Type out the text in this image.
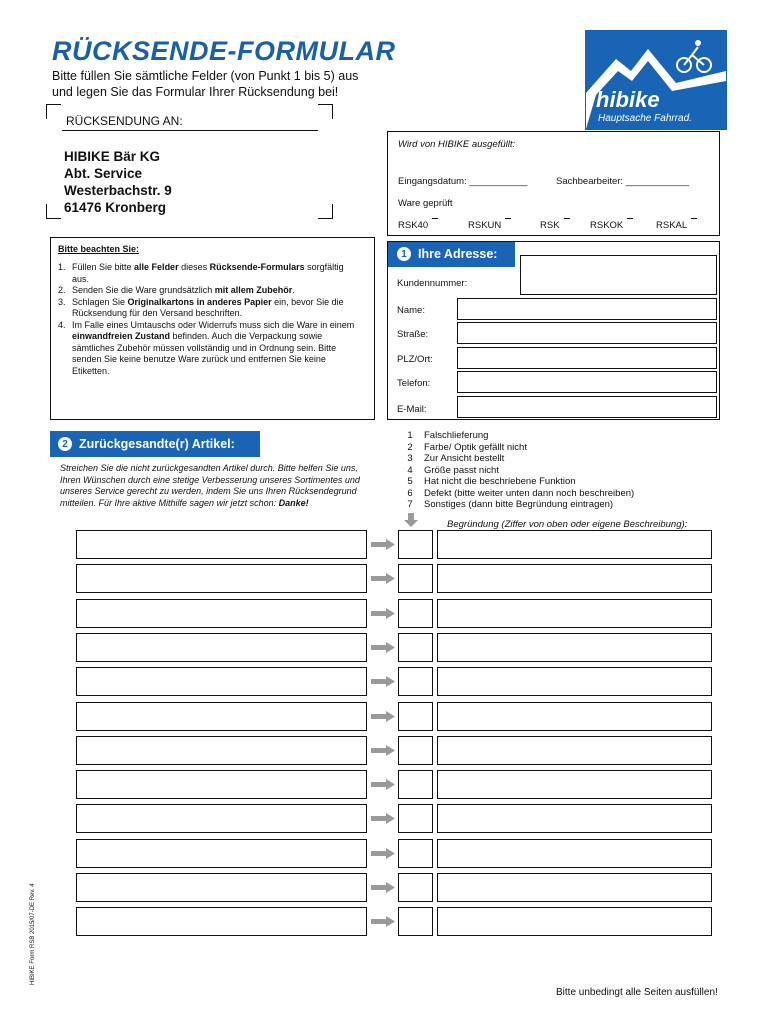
RÜCKSENDE-FORMULAR
Bitte füllen Sie sämtliche Felder (von Punkt 1 bis 5) aus und legen Sie das Formular Ihrer Rücksendung bei!	hibike
Hauptsache Fahrrad.
RÜCKSENDUNG AN:
HIBIKE Bär KG
Abt. Service
Westerbachstr. 9
61476 Kronberg
Wird von HIBIKE ausgefüllt:
Eingangsdatum: ___________	Sachbearbeiter: ____________
Ware geprüft
RSK40	RSKUN	RSK	RSKOK	RSKAL
Bitte beachten Sie:
1. Füllen Sie bitte alle Felder dieses Rücksende-Formulars sorgfältig aus.
2. Senden Sie die Ware grundsätzlich mit allem Zubehör.
3. Schlagen Sie Originalkartons in anderes Papier ein, bevor Sie die Rücksendung für den Versand beschriften.
4. Im Falle eines Umtauschs oder Widerrufs muss sich die Ware in einem einwandfreien Zustand befinden. Auch die Verpackung sowie sämtliches Zubehör müssen vollständig und in Ordnung sein. Bitte senden Sie keine benutze Ware zurück und entfernen Sie keine Etiketten.
1 Ihre Adresse:
Kundennummer:
Name:
Straße:
PLZ/Ort:
Telefon:
E-Mail:
2 Zurückgesandte(r) Artikel:
Streichen Sie die nicht zurückgesandten Artikel durch. Bitte helfen Sie uns, Ihren Wünschen durch eine stetige Verbesserung unseres Sortimentes und unseres Service gerecht zu werden, indem Sie uns Ihren Rücksendegrund mitteilen. Für Ihre aktive Mithilfe sagen wir jetzt schon: Danke!
1	Falschlieferung
2	Farbe/ Optik gefällt nicht
3	Zur Ansicht bestellt
4	Größe passt nicht
5	Hat nicht die beschriebene Funktion
6	Defekt (bitte weiter unten dann noch beschreiben)
7	Sonstiges (dann bitte Begründung eintragen)
Begründung (Ziffer von oben oder eigene Beschreibung):
HIBIKE Form RSB 2015/07-DE Rev. 4
Bitte unbedingt alle Seiten ausfüllen!
